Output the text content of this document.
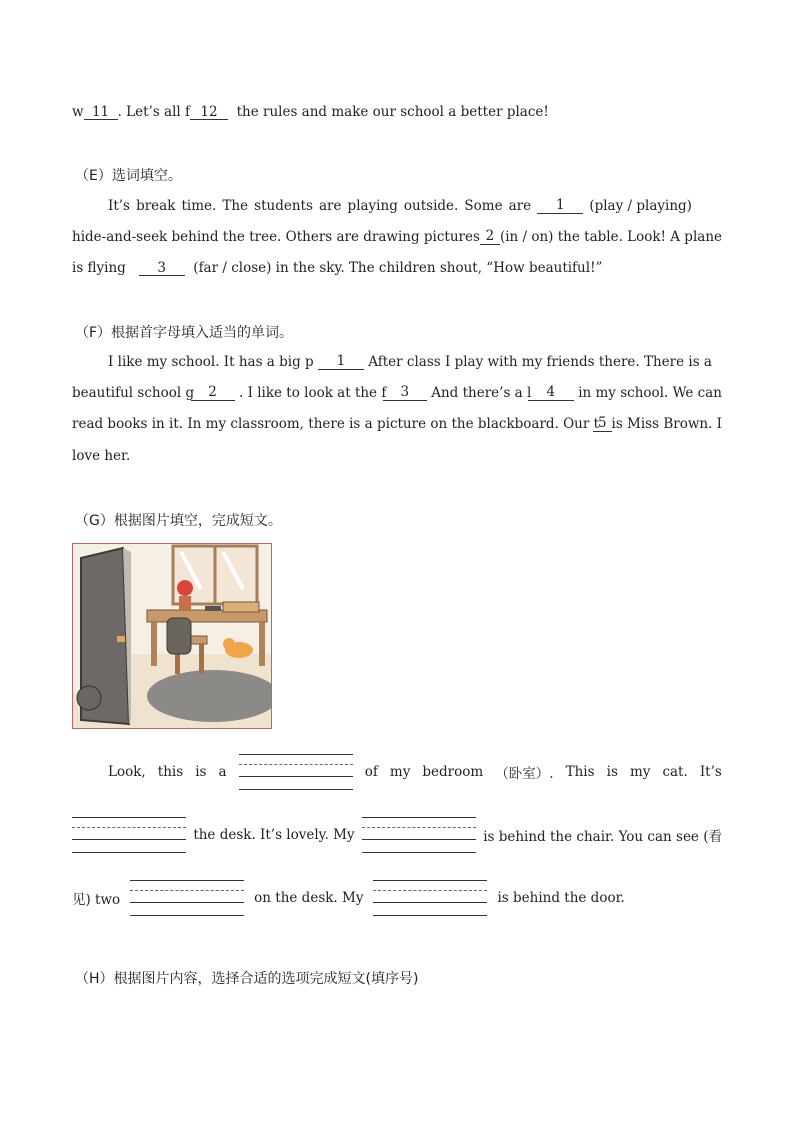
w 11 . Let’s all f 12 the rules and make our school a better place!
（E）选词填空。
It’s break time. The students are playing outside. Some are	1	(play / playing)
hide-and-seek behind the tree. Others are drawing pictures 2 (in / on) the table. Look! A plane
is flying 3 (far / close) in the sky. The children shout, “How beautiful!”
（F）根据首字母填入适当的单词。
I like my school. It has a big p	1	After class I play with my friends there. There is a
beautiful school g	2	. I like to look at the f	3	And there’s a l	4	in my school. We can
read books in it. In my classroom, there is a picture on the blackboard. Our t
5 is Miss Brown. I
love her.
（G）根据图片填空，完成短文。
Look, this is a	of my bedroom （卧室）. This is my cat. It’s
the desk. It’s lovely. My	is behind the chair. You can see (看
见) two	on the desk. My	is behind the door.
（H）根据图片内容，选择合适的选项完成短文(填序号)
